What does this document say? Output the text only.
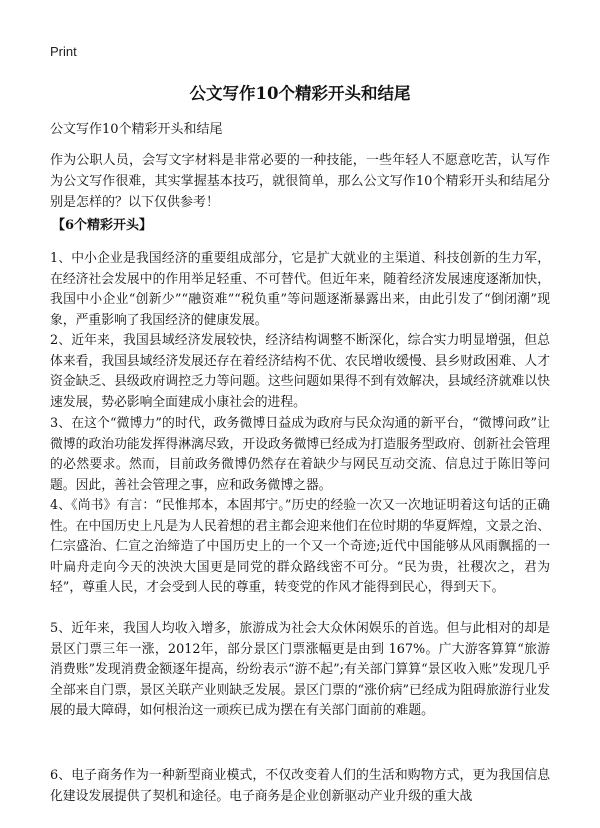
Print
公文写作10个精彩开头和结尾
公文写作10个精彩开头和结尾
作为公职人员，会写文字材料是非常必要的一种技能，一些年轻人不愿意吃苦，认写作为公文写作很难，其实掌握基本技巧，就很简单，那么公文写作10个精彩开头和结尾分别是怎样的？以下仅供参考！
【6个精彩开头】
1、中小企业是我国经济的重要组成部分，它是扩大就业的主渠道、科技创新的生力军，在经济社会发展中的作用举足轻重、不可替代。但近年来，随着经济发展速度逐渐加快，我国中小企业“创新少”“融资难”“税负重”等问题逐渐暴露出来，由此引发了“倒闭潮”现象，严重影响了我国经济的健康发展。
2、近年来，我国县域经济发展较快，经济结构调整不断深化，综合实力明显增强，但总体来看，我国县域经济发展还存在着经济结构不优、农民增收缓慢、县乡财政困难、人才资金缺乏、县级政府调控乏力等问题。这些问题如果得不到有效解决，县域经济就难以快速发展，势必影响全面建成小康社会的进程。
3、在这个“微博力”的时代，政务微博日益成为政府与民众沟通的新平台，“微博问政”让微博的政治功能发挥得淋漓尽致，开设政务微博已经成为打造服务型政府、创新社会管理的必然要求。然而，目前政务微博仍然存在着缺少与网民互动交流、信息过于陈旧等问题。因此，善社会管理之事，应和政务微博之器。
4、《尚书》有言：“民惟邦本，本固邦宁。”历史的经验一次又一次地证明着这句话的正确性。在中国历史上凡是为人民着想的君主都会迎来他们在位时期的华夏辉煌，文景之治、仁宗盛治、仁宣之治缔造了中国历史上的一个又一个奇迹;近代中国能够从风雨飘摇的一叶扁舟走向今天的泱泱大国更是同党的群众路线密不可分。“民为贵，社稷次之，君为轻”，尊重人民，才会受到人民的尊重，转变党的作风才能得到民心，得到天下。
5、近年来，我国人均收入增多，旅游成为社会大众休闲娱乐的首选。但与此相对的却是景区门票三年一涨，2012年，部分景区门票涨幅更是由到 167%。广大游客算算“旅游消费账”发现消费金额逐年提高，纷纷表示“游不起”;有关部门算算“景区收入账”发现几乎全部来自门票，景区关联产业则缺乏发展。景区门票的“涨价病”已经成为阻碍旅游行业发展的最大障碍，如何根治这一顽疾已成为摆在有关部门面前的难题。
6、电子商务作为一种新型商业模式，不仅改变着人们的生活和购物方式，更为我国信息化建设发展提供了契机和途径。电子商务是企业创新驱动产业升级的重大战
